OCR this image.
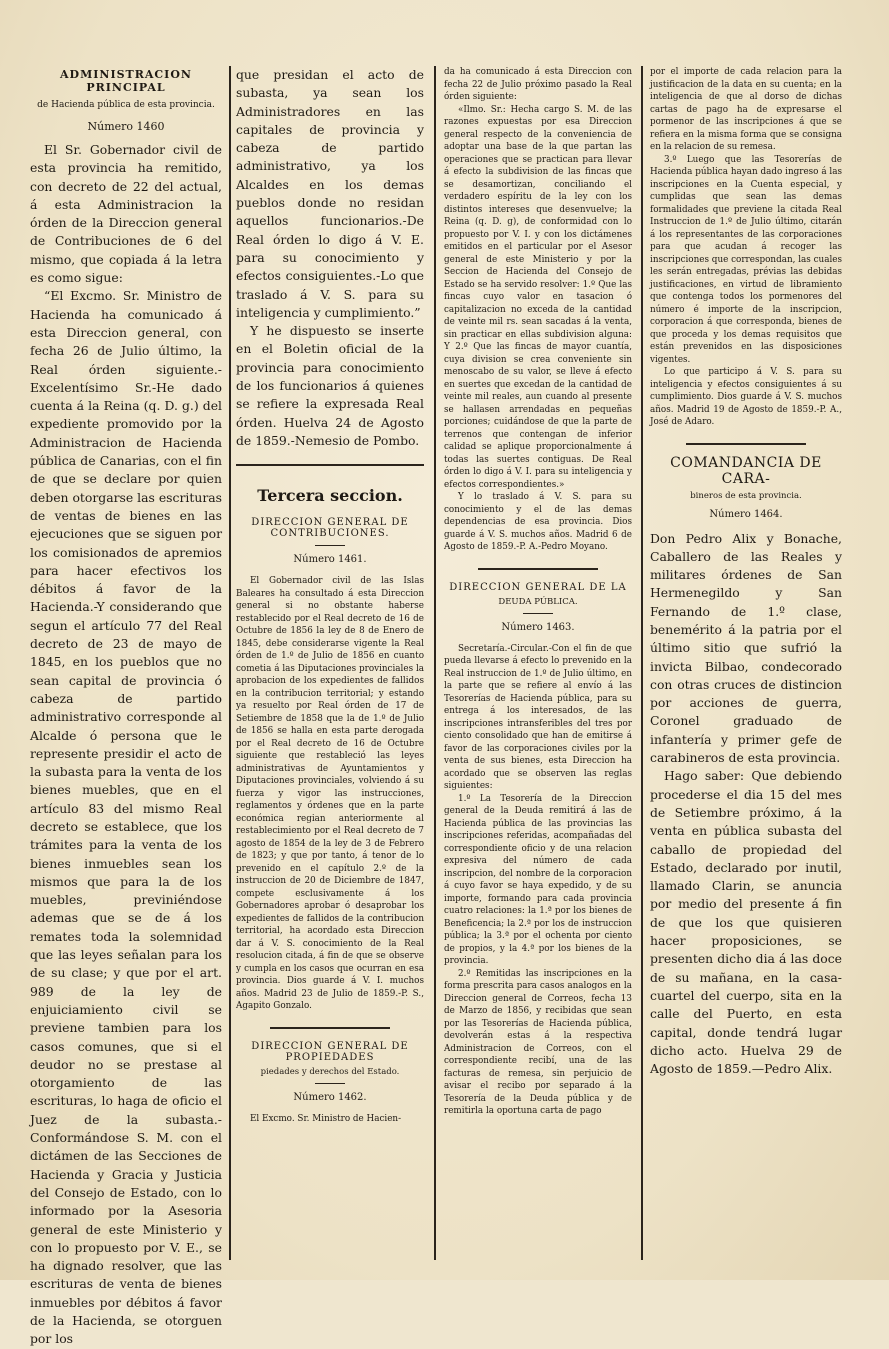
ADMINISTRACION PRINCIPAL
de Hacienda pública de esta provincia.
Número 1460

El Sr. Gobernador civil de esta provincia ha remitido, con decreto de 22 del actual, á esta Administracion la órden de la Direccion general de Contribuciones de 6 del mismo, que copiada á la letra es como sigue:

“El Excmo. Sr. Ministro de Hacienda ha comunicado á esta Direccion general, con fecha 26 de Julio último, la Real órden siguiente.-Excelentísimo Sr.-He dado cuenta á la Reina (q. D. g.) del expediente promovido por la Administracion de Hacienda pública de Canarias, con el fin de que se declare por quien deben otorgarse las escrituras de ventas de bienes en las ejecuciones que se siguen por los comisionados de apremios para hacer efectivos los débitos á favor de la Hacienda.-Y considerando que segun el artículo 77 del Real decreto de 23 de mayo de 1845, en los pueblos que no sean capital de provincia ó cabeza de partido administrativo corresponde al Alcalde ó persona que le represente presidir el acto de la subasta para la venta de los bienes muebles, que en el artículo 83 del mismo Real decreto se establece, que los trámites para la venta de los bienes inmuebles sean los mismos que para la de los muebles, previniéndose ademas que se de á los remates toda la solemnidad que las leyes señalan para los de su clase; y que por el art. 989 de la ley de enjuiciamiento civil se previene tambien para los casos comunes, que si el deudor no se prestase al otorgamiento de las escrituras, lo haga de oficio el Juez de la subasta.-Conformándose S. M. con el dictámen de las Secciones de Hacienda y Gracia y Justicia del Consejo de Estado, con lo informado por la Asesoria general de este Ministerio y con lo propuesto por V. E., se ha dignado resolver, que las escrituras de venta de bienes inmuebles por débitos á favor de la Hacienda, se otorguen por los

que presidan el acto de subasta, ya sean los Administradores en las capitales de provincia y cabeza de partido administrativo, ya los Alcaldes en los demas pueblos donde no residan aquellos funcionarios.-De Real órden lo digo á V. E. para su conocimiento y efectos consiguientes.-Lo que traslado á V. S. para su inteligencia y cumplimiento.”

Y he dispuesto se inserte en el Boletin oficial de la provincia para conocimiento de los funcionarios á quienes se refiere la expresada Real órden. Huelva 24 de Agosto de 1859.-Nemesio de Pombo.

Tercera seccion.
DIRECCION GENERAL DE CONTRIBUCIONES.
Número 1461.

El Gobernador civil de las Islas Baleares ha consultado á esta Direccion general si no obstante haberse restablecido por el Real decreto de 16 de Octubre de 1856 la ley de 8 de Enero de 1845, debe considerarse vigente la Real órden de 1.º de Julio de 1856 en cuanto cometia á las Diputaciones provinciales la aprobacion de los expedientes de fallidos en la contribucion territorial; y estando ya resuelto por Real órden de 17 de Setiembre de 1858 que la de 1.º de Julio de 1856 se halla en esta parte derogada por el Real decreto de 16 de Octubre siguiente que restableció las leyes administrativas de Ayuntamientos y Diputaciones provinciales, volviendo á su fuerza y vigor las instrucciones, reglamentos y órdenes que en la parte económica regian anteriormente al restablecimiento por el Real decreto de 7 agosto de 1854 de la ley de 3 de Febrero de 1823; y que por tanto, á tenor de lo prevenido en el capítulo 2.º de la instruccion de 20 de Diciembre de 1847, compete esclusivamente á los Gobernadores aprobar ó desaprobar los expedientes de fallidos de la contribucion territorial, ha acordado esta Direccion dar á V. S. conocimiento de la Real resolucion citada, á fin de que se observe y cumpla en los casos que ocurran en esa provincia. Dios guarde á V. I. muchos años. Madrid 23 de Julio de 1859.-P. S., Agapito Gonzalo.

DIRECCION GENERAL DE PROPIEDADES
piedades y derechos del Estado.
Número 1462.

El Excmo. Sr. Ministro de Hacien-

da ha comunicado á esta Direccion con fecha 22 de Julio próximo pasado la Real órden siguiente:

«Ilmo. Sr.: Hecha cargo S. M. de las razones expuestas por esa Direccion general respecto de la conveniencia de adoptar una base de la que partan las operaciones que se practican para llevar á efecto la subdivision de las fincas que se desamortizan, conciliando el verdadero espíritu de la ley con los distintos intereses que desenvuelve; la Reina (q. D. g), de conformidad con lo propuesto por V. I. y con los dictámenes emitidos en el particular por el Asesor general de este Ministerio y por la Seccion de Hacienda del Consejo de Estado se ha servido resolver: 1.º Que las fincas cuyo valor en tasacion ó capitalizacion no exceda de la cantidad de veinte mil rs. sean sacadas á la venta, sin practicar en ellas subdivision alguna: Y 2.º Que las fincas de mayor cuantía, cuya division se crea conveniente sin menoscabo de su valor, se lleve á efecto en suertes que excedan de la cantidad de veinte mil reales, aun cuando al presente se hallasen arrendadas en pequeñas porciones; cuidándose de que la parte de terrenos que contengan de inferior calidad se aplique proporcionalmente á todas las suertes contiguas. De Real órden lo digo á V. I. para su inteligencia y efectos correspondientes.»

Y lo traslado á V. S. para su conocimiento y el de las demas dependencias de esa provincia. Dios guarde á V. S. muchos años. Madrid 6 de Agosto de 1859.-P. A.-Pedro Moyano.

DIRECCION GENERAL DE LA
DEUDA PÚBLICA.
Número 1463.

Secretaría.-Circular.-Con el fin de que pueda llevarse á efecto lo prevenido en la Real instruccion de 1.º de Julio último, en la parte que se refiere al envío á las Tesorerías de Hacienda pública, para su entrega á los interesados, de las inscripciones intransferibles del tres por ciento consolidado que han de emitirse á favor de las corporaciones civiles por la venta de sus bienes, esta Direccion ha acordado que se observen las reglas siguientes:

1.º La Tesorería de la Direccion general de la Deuda remitirá á las de Hacienda pública de las provincias las inscripciones referidas, acompañadas del correspondiente oficio y de una relacion expresiva del número de cada inscripcion, del nombre de la corporacion á cuyo favor se haya expedido, y de su importe, formando para cada provincia cuatro relaciones: la 1.ª por los bienes de Beneficencia; la 2.ª por los de instruccion pública; la 3.ª por el ochenta por ciento de propios, y la 4.ª por los bienes de la provincia.

2.º Remitidas las inscripciones en la forma prescrita para casos analogos en la Direccion general de Correos, fecha 13 de Marzo de 1856, y recibidas que sean por las Tesorerías de Hacienda pública, devolverán estas á la respectiva Administracion de Correos, con el correspondiente recibí, una de las facturas de remesa, sin perjuicio de avisar el recibo por separado á la Tesorería de la Deuda pública y de remitirla la oportuna carta de pago

por el importe de cada relacion para la justificacion de la data en su cuenta; en la inteligencia de que al dorso de dichas cartas de pago ha de expresarse el pormenor de las inscripciones á que se refiera en la misma forma que se consigna en la relacion de su remesa.

3.º Luego que las Tesorerías de Hacienda pública hayan dado ingreso á las inscripciones en la Cuenta especial, y cumplidas que sean las demas formalidades que previene la citada Real Instruccion de 1.º de Julio último, citarán á los representantes de las corporaciones para que acudan á recoger las inscripciones que correspondan, las cuales les serán entregadas, prévias las debidas justificaciones, en virtud de libramiento que contenga todos los pormenores del número é importe de la inscripcion, corporacion á que corresponda, bienes de que proceda y los demas requisitos que están prevenidos en las disposiciones vigentes.

Lo que participo á V. S. para su inteligencia y efectos consiguientes á su cumplimiento. Dios guarde á V. S. muchos años. Madrid 19 de Agosto de 1859.-P. A., José de Adaro.

COMANDANCIA DE CARA-
bineros de esta provincia.
Número 1464.

Don Pedro Alix y Bonache, Caballero de las Reales y militares órdenes de San Hermenegildo y San Fernando de 1.º clase, benemérito á la patria por el último sitio que sufrió la invicta Bilbao, condecorado con otras cruces de distincion por acciones de guerra, Coronel graduado de infantería y primer gefe de carabineros de esta provincia.

Hago saber: Que debiendo procederse el dia 15 del mes de Setiembre próximo, á la venta en pública subasta del caballo de propiedad del Estado, declarado por inutil, llamado Clarin, se anuncia por medio del presente á fin de que los que quisieren hacer proposiciones, se presenten dicho dia á las doce de su mañana, en la casa-cuartel del cuerpo, sita en la calle del Puerto, en esta capital, donde tendrá lugar dicho acto. Huelva 29 de Agosto de 1859.—Pedro Alix.
